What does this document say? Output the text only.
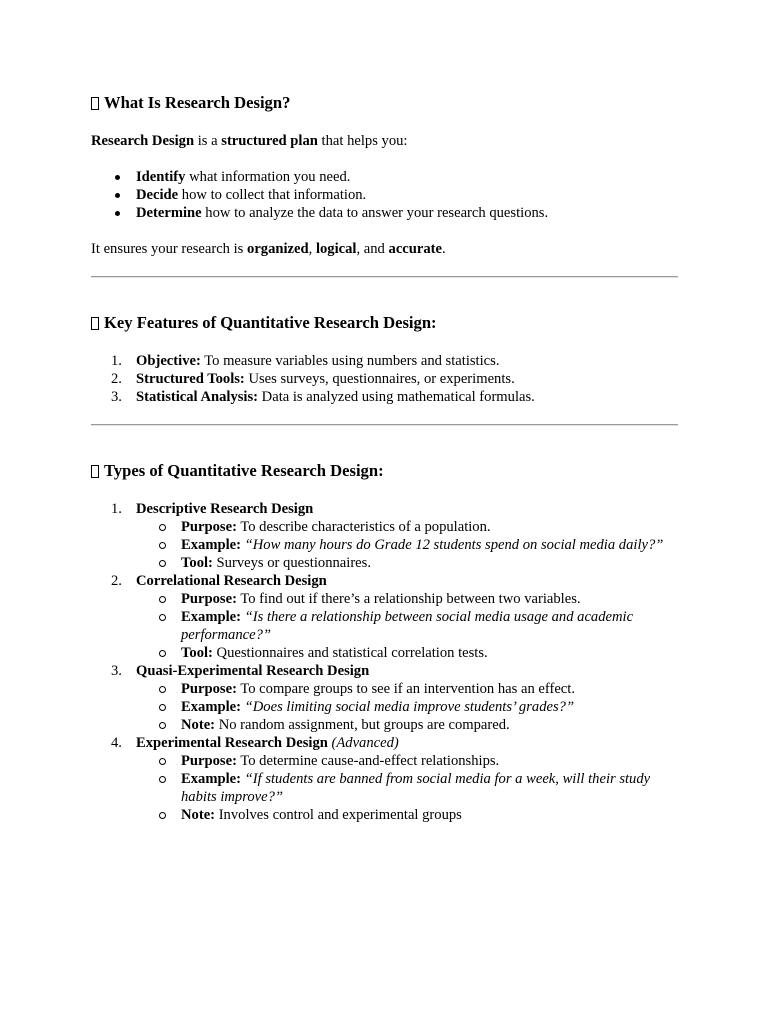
What Is Research Design?

Research Design is a structured plan that helps you:

Identify what information you need.
Decide how to collect that information.
Determine how to analyze the data to answer your research questions.

It ensures your research is organized, logical, and accurate.

Key Features of Quantitative Research Design:
1. Objective: To measure variables using numbers and statistics.
2. Structured Tools: Uses surveys, questionnaires, or experiments.
3. Statistical Analysis: Data is analyzed using mathematical formulas.
Types of Quantitative Research Design:
1. Descriptive Research Design
Purpose: To describe characteristics of a population.
Example: “How many hours do Grade 12 students spend on social media daily?”
Tool: Surveys or questionnaires.
2. Correlational Research Design
Purpose: To find out if there’s a relationship between two variables.
Example: “Is there a relationship between social media usage and academic performance?”
Tool: Questionnaires and statistical correlation tests.
3. Quasi-Experimental Research Design
Purpose: To compare groups to see if an intervention has an effect.
Example: “Does limiting social media improve students’ grades?”
Note: No random assignment, but groups are compared.
4. Experimental Research Design (Advanced)
Purpose: To determine cause-and-effect relationships.
Example: “If students are banned from social media for a week, will their study habits improve?”
Note: Involves control and experimental groups
